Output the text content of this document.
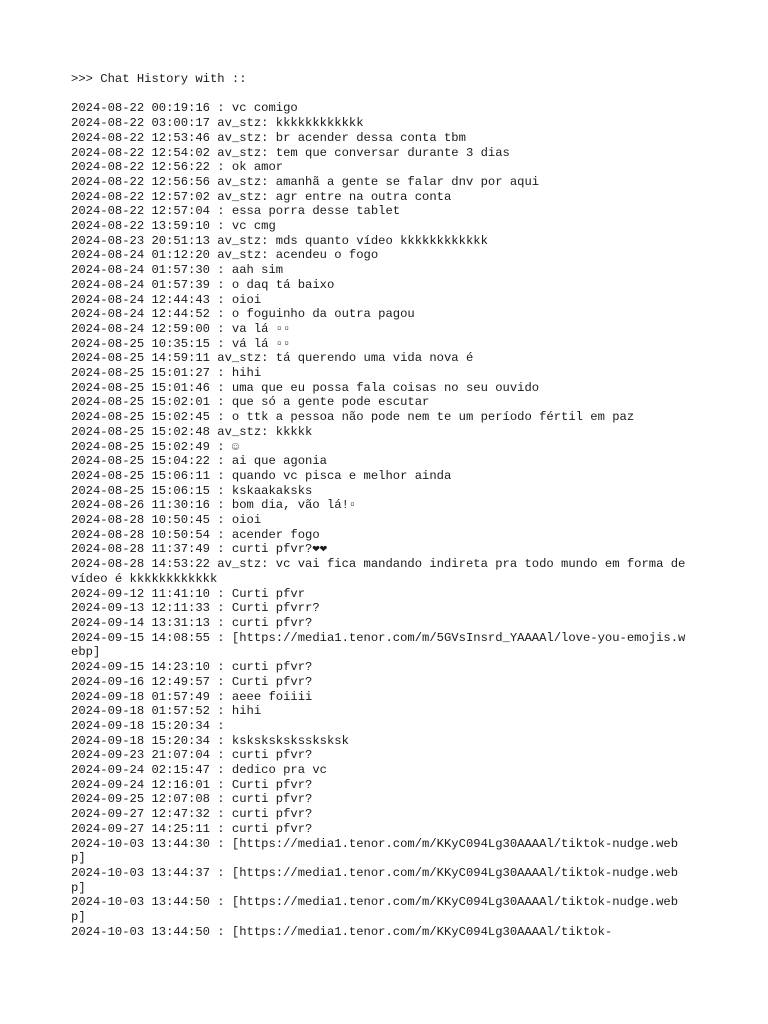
>>> Chat History with ::
2024-08-22 00:19:16 : vc comigo
2024-08-22 03:00:17 av_stz: kkkkkkkkkkkk
2024-08-22 12:53:46 av_stz: br acender dessa conta tbm
2024-08-22 12:54:02 av_stz: tem que conversar durante 3 dias
2024-08-22 12:56:22 : ok amor
2024-08-22 12:56:56 av_stz: amanhã a gente se falar dnv por aqui
2024-08-22 12:57:02 av_stz: agr entre na outra conta
2024-08-22 12:57:04 : essa porra desse tablet
2024-08-22 13:59:10 : vc cmg
2024-08-23 20:51:13 av_stz: mds quanto vídeo kkkkkkkkkkkk
2024-08-24 01:12:20 av_stz: acendeu o fogo
2024-08-24 01:57:30 : aah sim
2024-08-24 01:57:39 : o daq tá baixo
2024-08-24 12:44:43 : oioi
2024-08-24 12:44:52 : o foguinho da outra pagou
2024-08-24 12:59:00 : va lá ▫▫
2024-08-25 10:35:15 : vá lá ▫▫
2024-08-25 14:59:11 av_stz: tá querendo uma vida nova é
2024-08-25 15:01:27 : hihi
2024-08-25 15:01:46 : uma que eu possa fala coisas no seu ouvido
2024-08-25 15:02:01 : que só a gente pode escutar
2024-08-25 15:02:45 : o ttk a pessoa não pode nem te um período fértil em paz
2024-08-25 15:02:48 av_stz: kkkkk
2024-08-25 15:02:49 : ☺
2024-08-25 15:04:22 : ai que agonia
2024-08-25 15:06:11 : quando vc pisca e melhor ainda
2024-08-25 15:06:15 : kskaakaksks
2024-08-26 11:30:16 : bom dia, vão lá!▫
2024-08-28 10:50:45 : oioi
2024-08-28 10:50:54 : acender fogo
2024-08-28 11:37:49 : curti pfvr?❤❤
2024-08-28 14:53:22 av_stz: vc vai fica mandando indireta pra todo mundo em forma de vídeo é kkkkkkkkkkkk
2024-09-12 11:41:10 : Curti pfvr
2024-09-13 12:11:33 : Curti pfvrr?
2024-09-14 13:31:13 : curti pfvr?
2024-09-15 14:08:55 : [https://media1.tenor.com/m/5GVsInsrd_YAAAAl/love-you-emojis.webp]
2024-09-15 14:23:10 : curti pfvr?
2024-09-16 12:49:57 : Curti pfvr?
2024-09-18 01:57:49 : aeee foiiii
2024-09-18 01:57:52 : hihi
2024-09-18 15:20:34 :
2024-09-18 15:20:34 : kskskskskssksksk
2024-09-23 21:07:04 : curti pfvr?
2024-09-24 02:15:47 : dedico pra vc
2024-09-24 12:16:01 : Curti pfvr?
2024-09-25 12:07:08 : curti pfvr?
2024-09-27 12:47:32 : curti pfvr?
2024-09-27 14:25:11 : curti pfvr?
2024-10-03 13:44:30 : [https://media1.tenor.com/m/KKyC094Lg30AAAAl/tiktok-nudge.webp]
2024-10-03 13:44:37 : [https://media1.tenor.com/m/KKyC094Lg30AAAAl/tiktok-nudge.webp]
2024-10-03 13:44:50 : [https://media1.tenor.com/m/KKyC094Lg30AAAAl/tiktok-nudge.webp]
2024-10-03 13:44:50 : [https://media1.tenor.com/m/KKyC094Lg30AAAAl/tiktok-
